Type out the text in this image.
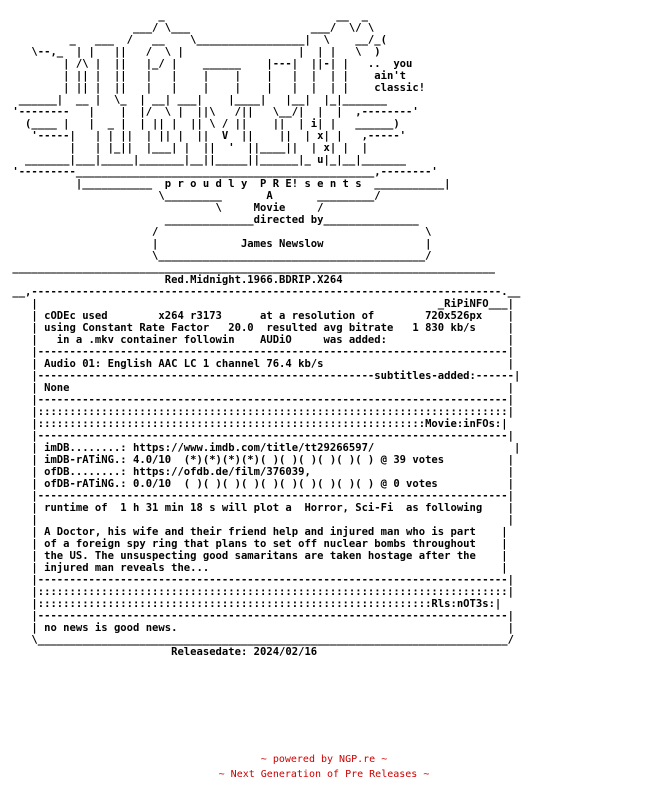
_                           __  _
___/ \___                   ___/  \/ \
_   ___  /   __    \_________________|  \    __/_(
\--,_  | |   ||   /  \ |                  |  | |   \  )
| /\ |  ||   |_/ |    ______    |---|  ||-| |   ..  you
| || |  ||   |   |    |    |    |   |  |  | |    ain't
| || |  ||   |   |    |    |    |   |  |  | |    classic!
______|  __ |  \_  | __| ___|    |____|   |__|  |_|_______
'--------   |    |  |/  \ |  ||\   /||   \__/|  |  |  ,--------'
(____ |   |  _ |  | || |  || \ / ||    ||  | i| |   ______)
'-----|   | | ||  | || |  ||  V  ||    ||  | x| |   ,-----'
|   | |_||  |___| |  ||  '  ||____||  | x| |  |
_______|___|_____|_______|__||_____||______|_ u|_|__|_______
'---------_______________________________________________,--------'
|___________  p r o u d l y  P R E! s e n t s  ___________|
\_________       A       _________/
\     Movie     /
______________directed by_______________
/                                          \
|             James Newslow                |
\__________________________________________/
____________________________________________________________________________
Red.Midnight.1966.BDRIP.X264
__,--------------------------------------------------------------------------.__
|                                                               _RiPiNFO___|
| cODEc used        x264 r3173      at a resolution of        720x526px    |
| using Constant Rate Factor   20.0  resulted avg bitrate   1 830 kb/s     |
|   in a .mkv container followin    AUDiO     was added:                   |
|--------------------------------------------------------------------------|
| Audio 01: English AAC LC 1 channel 76.4 kb/s                             |
|-----------------------------------------------------subtitles-added:------|
| None                                                                     |
|--------------------------------------------------------------------------|
|::::::::::::::::::::::::::::::::::::::::::::::::::::::::::::::::::::::::::|
|:::::::::::::::::::::::::::::::::::::::::::::::::::::::::::::Movie:inFOs:|
|--------------------------------------------------------------------------|
| imDB........: https://www.imdb.com/title/tt29266597/                      |
| imDB-rATiNG.: 4.0/10  (*)(*)(*)(*)( )( )( )( )( )( ) @ 39 votes          |
| ofDB........: https://ofdb.de/film/376039,                               |
| ofDB-rATiNG.: 0.0/10  ( )( )( )( )( )( )( )( )( )( ) @ 0 votes           |
|--------------------------------------------------------------------------|
| runtime of  1 h 31 min 18 s will plot a  Horror, Sci-Fi  as following    |
|                                                                          |
| A Doctor, his wife and their friend help and injured man who is part    |
| of a foreign spy ring that plans to set off nuclear bombs throughout    |
| the US. The unsuspecting good samaritans are taken hostage after the    |
| injured man reveals the...                                              |
|--------------------------------------------------------------------------|
|::::::::::::::::::::::::::::::::::::::::::::::::::::::::::::::::::::::::::|
|::::::::::::::::::::::::::::::::::::::::::::::::::::::::::::::Rls:nOT3s:|
|--------------------------------------------------------------------------|
| no news is good news.                                                    |
\__________________________________________________________________________/
Releasedate: 2024/02/16
~ powered by NGP.re ~
~ Next Generation of Pre Releases ~
